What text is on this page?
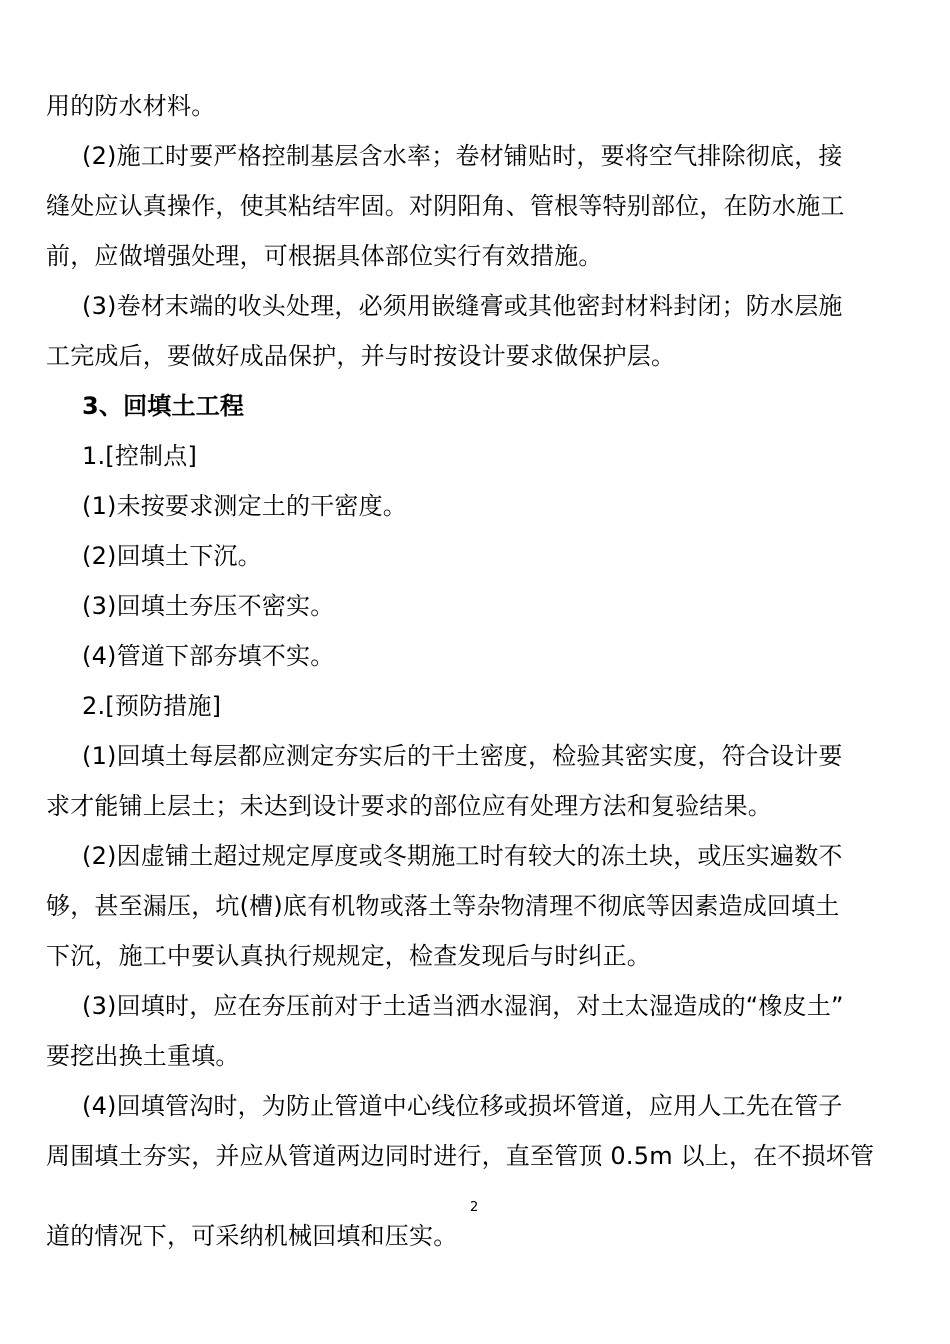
用的防水材料。
(2)施工时要严格控制基层含水率；卷材铺贴时，要将空气排除彻底，接
缝处应认真操作，使其粘结牢固。对阴阳角、管根等特别部位，在防水施工
前，应做增强处理，可根据具体部位实行有效措施。
(3)卷材末端的收头处理，必须用嵌缝膏或其他密封材料封闭；防水层施
工完成后，要做好成品保护，并与时按设计要求做保护层。
3、回填土工程
1.[控制点]
(1)未按要求测定土的干密度。
(2)回填土下沉。
(3)回填土夯压不密实。
(4)管道下部夯填不实。
2.[预防措施]
(1)回填土每层都应测定夯实后的干土密度，检验其密实度，符合设计要
求才能铺上层土；未达到设计要求的部位应有处理方法和复验结果。
(2)因虚铺土超过规定厚度或冬期施工时有较大的冻土块，或压实遍数不
够，甚至漏压，坑(槽)底有机物或落土等杂物清理不彻底等因素造成回填土
下沉，施工中要认真执行规规定，检查发现后与时纠正。
(3)回填时，应在夯压前对于土适当洒水湿润，对土太湿造成的“橡皮土”
要挖出换土重填。
(4)回填管沟时，为防止管道中心线位移或损坏管道，应用人工先在管子
周围填土夯实，并应从管道两边同时进行，直至管顶 0.5m 以上，在不损坏管
道的情况下，可采纳机械回填和压实。
2
